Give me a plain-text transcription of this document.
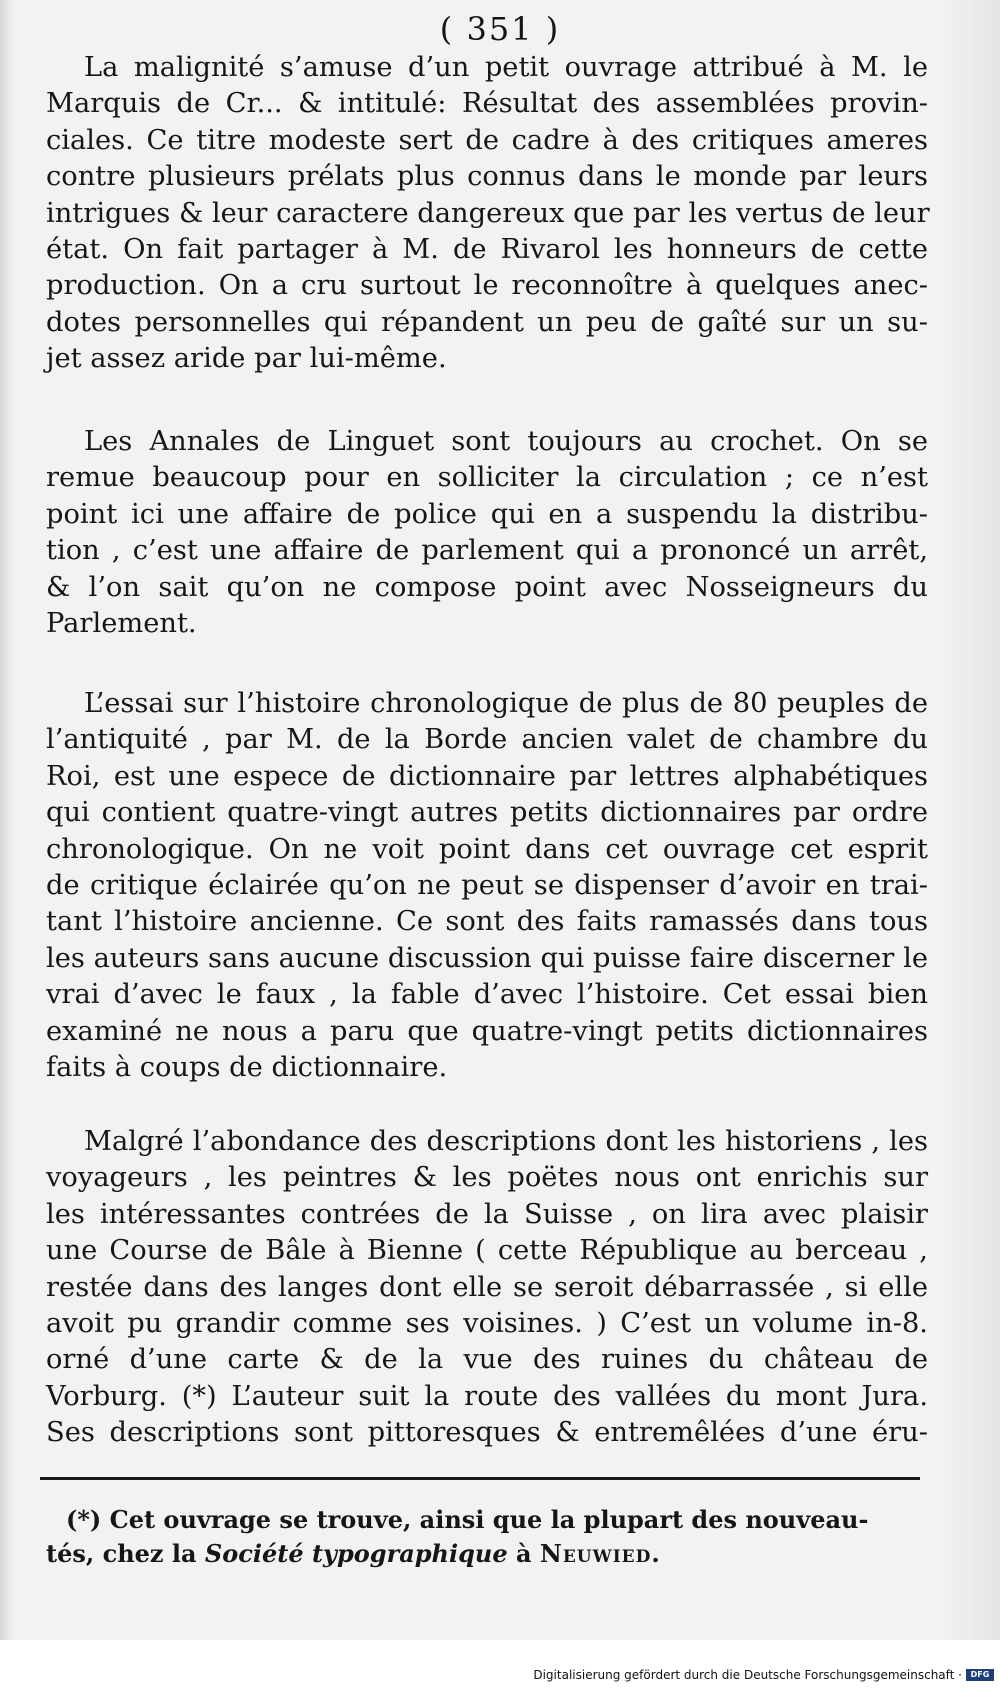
( 351 )
La malignité s’amuse d’un petit ouvrage attribué à M. le
Marquis de Cr... & intitulé: Résultat des assemblées provin-
ciales. Ce titre modeste sert de cadre à des critiques ameres
contre plusieurs prélats plus connus dans le monde par leurs
intrigues & leur caractere dangereux que par les vertus de leur
état. On fait partager à M. de Rivarol les honneurs de cette
production. On a cru surtout le reconnoître à quelques anec-
dotes personnelles qui répandent un peu de gaîté sur un su-
jet assez aride par lui-même.
Les Annales de Linguet sont toujours au crochet. On se
remue beaucoup pour en solliciter la circulation ; ce n’est
point ici une affaire de police qui en a suspendu la distribu-
tion , c’est une affaire de parlement qui a prononcé un arrêt,
& l’on sait qu’on ne compose point avec Nosseigneurs du
Parlement.
L’essai sur l’histoire chronologique de plus de 80 peuples de
l’antiquité , par M. de la Borde ancien valet de chambre du
Roi, est une espece de dictionnaire par lettres alphabétiques
qui contient quatre-vingt autres petits dictionnaires par ordre
chronologique. On ne voit point dans cet ouvrage cet esprit
de critique éclairée qu’on ne peut se dispenser d’avoir en trai-
tant l’histoire ancienne. Ce sont des faits ramassés dans tous
les auteurs sans aucune discussion qui puisse faire discerner le
vrai d’avec le faux , la fable d’avec l’histoire. Cet essai bien
examiné ne nous a paru que quatre-vingt petits dictionnaires
faits à coups de dictionnaire.
Malgré l’abondance des descriptions dont les historiens , les
voyageurs , les peintres & les poëtes nous ont enrichis sur
les intéressantes contrées de la Suisse , on lira avec plaisir
une Course de Bâle à Bienne ( cette République au berceau ,
restée dans des langes dont elle se seroit débarrassée , si elle
avoit pu grandir comme ses voisines. ) C’est un volume in-8.
orné d’une carte & de la vue des ruines du château de
Vorburg. (*) L’auteur suit la route des vallées du mont Jura.
Ses descriptions sont pittoresques & entremêlées d’une éru-
(*) Cet ouvrage se trouve, ainsi que la plupart des nouveau-
tés, chez la Société typographique à Neuwied.
Digitalisierung gefördert durch die Deutsche Forschungsgemeinschaft ·	DFG
